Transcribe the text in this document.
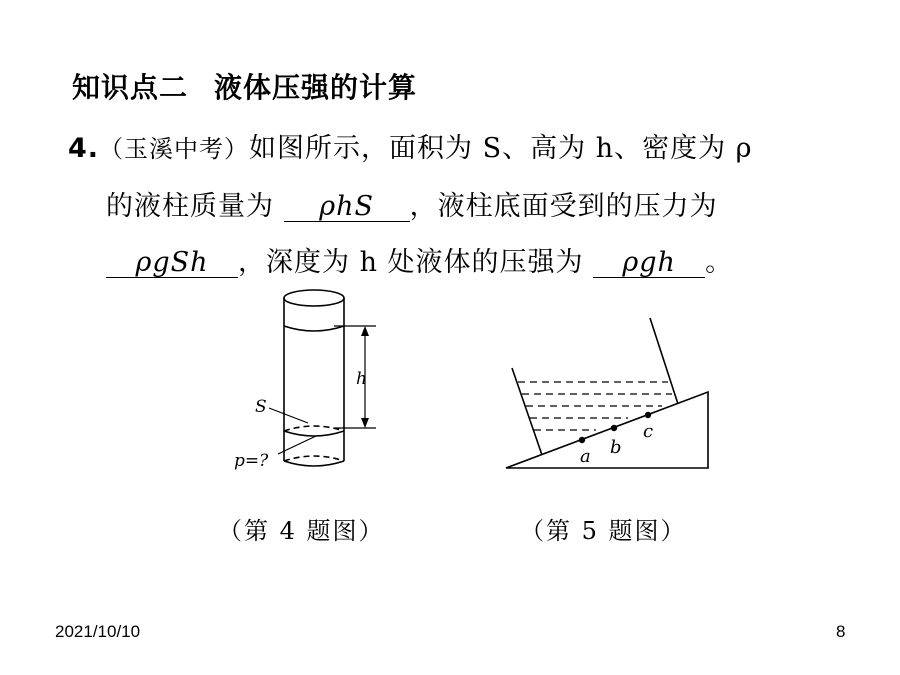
知识点二 液体压强的计算
4.（玉溪中考）如图所示，面积为 S、高为 h、密度为 ρ
的液柱质量为 ρhS ，液柱底面受到的压力为
ρgSh ，深度为 h 处液体的压强为 ρgh 。
h
S
p=?	a b
c
（第 4 题图）	（第 5 题图）
2021/10/10	8
